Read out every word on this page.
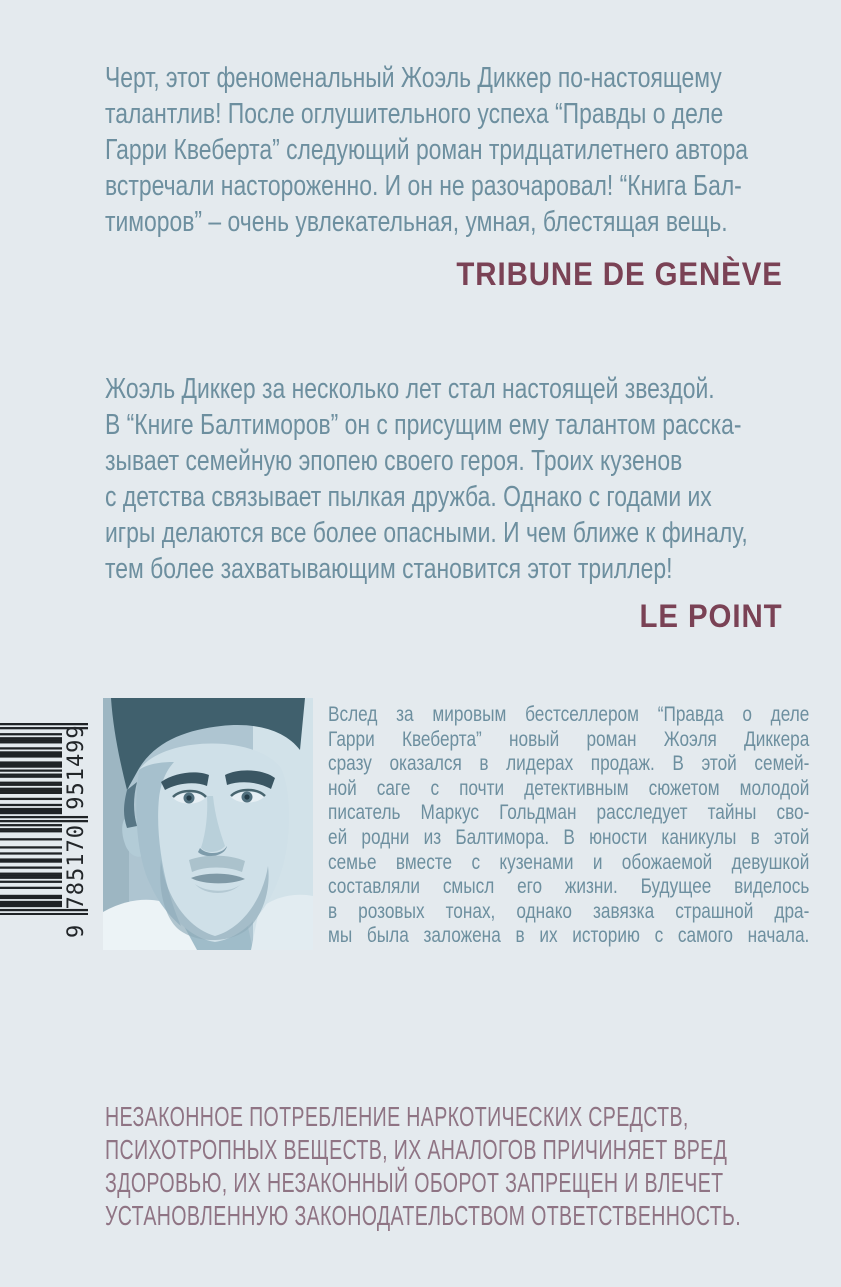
Черт, этот феноменальный Жоэль Диккер по-настоящему
талантлив! После оглушительного успеха “Правды о деле
Гарри Квеберта” следующий роман тридцатилетнего автора
встречали настороженно. И он не разочаровал! “Книга Бал-
тиморов” – очень увлекательная, умная, блестящая вещь.
TRIBUNE DE GENÈVE
Жоэль Диккер за несколько лет стал настоящей звездой.
В “Книге Балтиморов” он с присущим ему талантом расска-
зывает семейную эпопею своего героя. Троих кузенов
с детства связывает пылкая дружба. Однако с годами их
игры делаются все более опасными. И чем ближе к финалу,
тем более захватывающим становится этот триллер!
LE POINT
9 785170 951499
Вслед за мировым бестселлером “Правда о деле
Гарри Квеберта” новый роман Жоэля Диккера
сразу оказался в лидерах продаж. В этой семей-
ной саге с почти детективным сюжетом молодой
писатель Маркус Гольдман расследует тайны сво-
ей родни из Балтимора. В юности каникулы в этой
семье вместе с кузенами и обожаемой девушкой
составляли смысл его жизни. Будущее виделось
в розовых тонах, однако завязка страшной дра-
мы была заложена в их историю с самого начала.
НЕЗАКОННОЕ ПОТРЕБЛЕНИЕ НАРКОТИЧЕСКИХ СРЕДСТВ,
ПСИХОТРОПНЫХ ВЕЩЕСТВ, ИХ АНАЛОГОВ ПРИЧИНЯЕТ ВРЕД
ЗДОРОВЬЮ, ИХ НЕЗАКОННЫЙ ОБОРОТ ЗАПРЕЩЕН И ВЛЕЧЕТ
УСТАНОВЛЕННУЮ ЗАКОНОДАТЕЛЬСТВОМ ОТВЕТСТВЕННОСТЬ.
